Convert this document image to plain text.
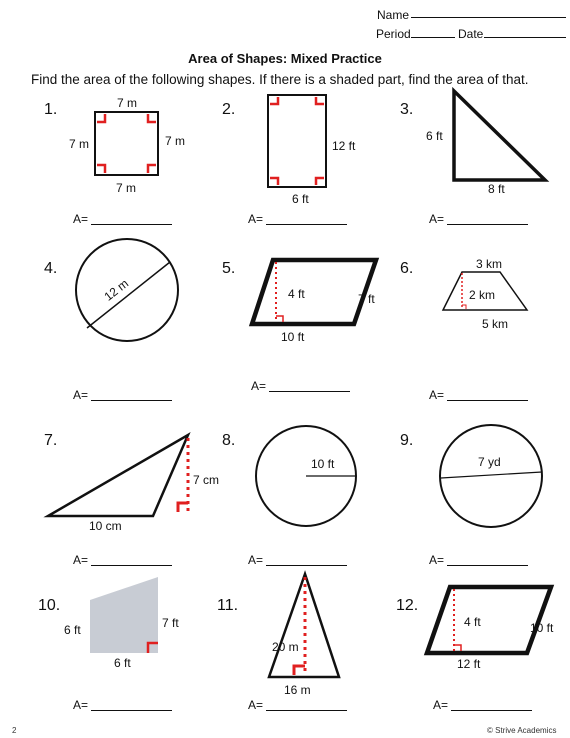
Name
Period	Date
Area of Shapes: Mixed Practice
Find the area of the following shapes. If there is a shaded part, find the area of that.
1.	2.	3.
4.	5.	6.
7.	8.	9.
10.	11.	12.
7 m
7 m	7 m
7 m
12 ft
6 ft
6 ft
8 ft
12 m	4 ft	7 ft
10 ft
3 km
2 km
5 km
7 cm
10 cm
10 ft	7 yd
6 ft	7 ft
6 ft
20 m
16 m
4 ft	10 ft
12 ft
A=	A=	A=
A=
A=
A=
A=	A=	A=
A=	A=	A=
2	© Strive Academics
